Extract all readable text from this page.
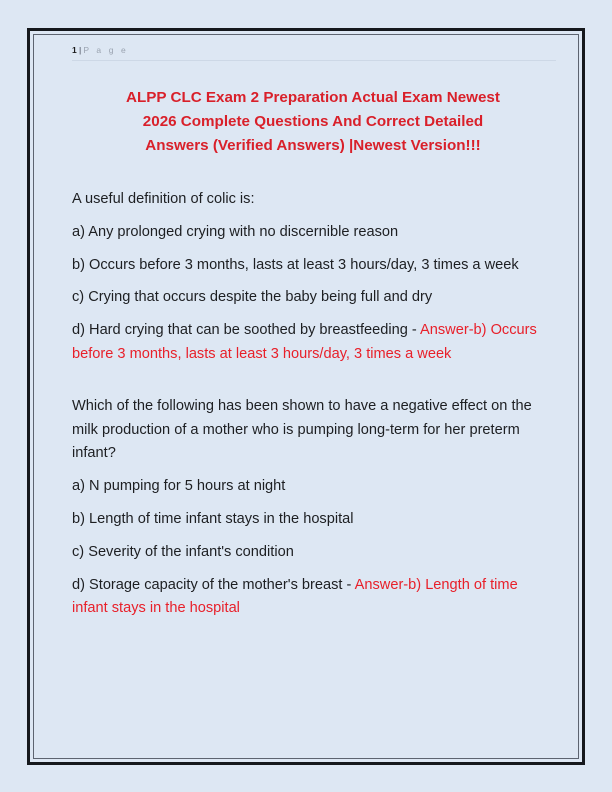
1 | P a g e
ALPP CLC Exam 2 Preparation Actual Exam Newest
2026 Complete Questions And Correct Detailed
Answers (Verified Answers) |Newest Version!!!

A useful definition of colic is:

a) Any prolonged crying with no discernible reason

b) Occurs before 3 months, lasts at least 3 hours/day, 3 times a week

c) Crying that occurs despite the baby being full and dry

d) Hard crying that can be soothed by breastfeeding - Answer-b) Occurs before 3 months, lasts at least 3 hours/day, 3 times a week

Which of the following has been shown to have a negative effect on the milk production of a mother who is pumping long-term for her preterm infant?

a) N pumping for 5 hours at night

b) Length of time infant stays in the hospital

c) Severity of the infant's condition

d) Storage capacity of the mother's breast - Answer-b) Length of time infant stays in the hospital
